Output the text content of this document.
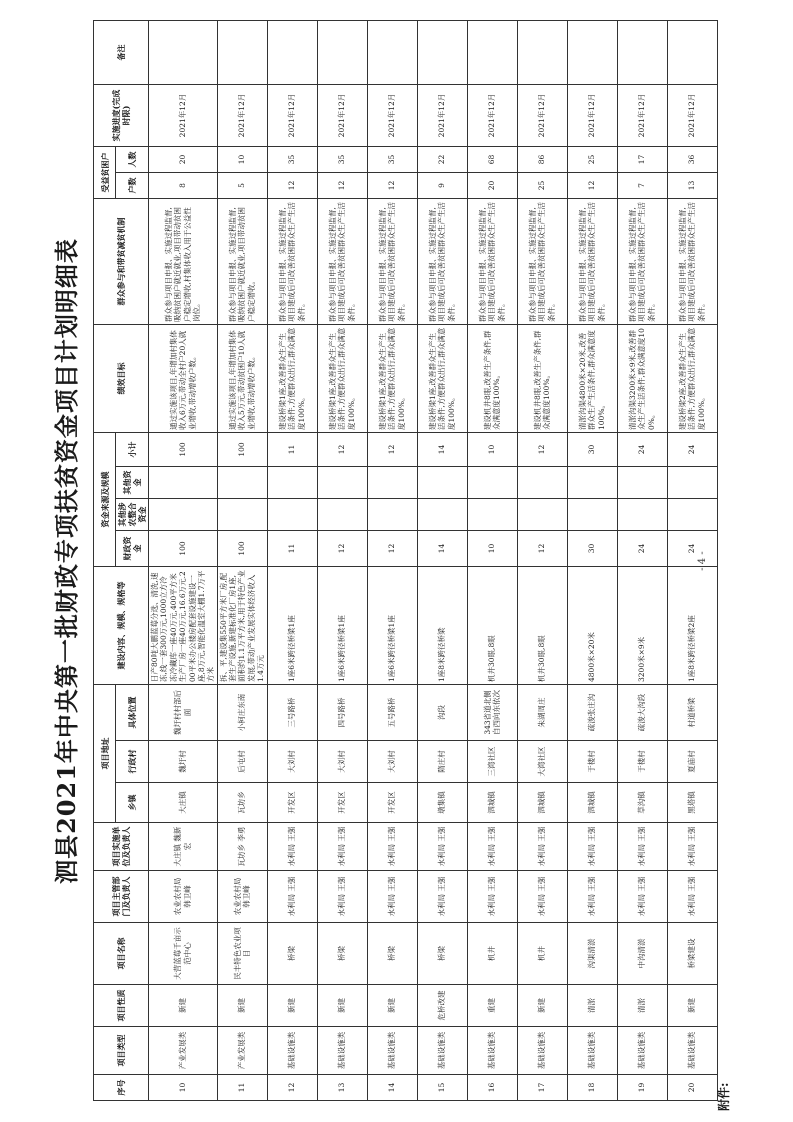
泗县2021年中央第一批财政专项扶贫资金项目计划明细表
序号	项目类型	项目性质	项目名称	项目主管部门及负责人	项目实施单位及负责人	项目地址			建设内容、规模、规格等	资金来源及规模				绩效目标	群众参与和带贫减贫机制	受益贫困户		实施进度(完成时限)	备注
						乡镇	行政村	具体位置		财政资金	其他涉农整合资金	其他资金	小计			户数	人数		
10	产业发展类	新建	大营蓝莓千亩示范中心	农业农村局 韩卫峰	大庄镇 魏新宏	大庄镇	魏圩村	魏圩村村部后面	日产80吨大鹏蓝莓分选、清洗,速冻,线一套300万元,1000立方冷冻冷藏库一座40万元,400平方米生产厂房一座40万元,16.6万元.200平米办公楼房配套设施建设一座,8万元,智能化温室大棚1.7万平方米	100			100	通过实施该项目,年增加村集体收入6万元,带动全村户20人就业增收,带动增收户数。	群众参与项目申报、实施过程监督,吸纳贫困户就近就业,项目带动贫困户稳定增收,村集体收入用于公益性岗位。	8	20	2021年12月	
11	产业发展类	新建	民丰特色农业项目	农业农村局 韩卫峰	瓦坊乡 李勇	瓦坊乡	后屯村	小柯庄东南	拆、平,建设集550平方米厂房,配套生产设施,新建标准化厂房1座,面积约1.1万平方米,用于特色产业发展,带动产业发展实体经济收入1.4万元	100			100	通过实施该项目,年增加村集体收入5万元,带动贫困户10人就业增收,带动增收户数。	群众参与项目申报、实施过程监督,吸纳贫困户就近就业,项目带动贫困户稳定增收。	5	10	2021年12月	
12	基础设施类	新建	桥梁	水利局 王强	水利局 王强	开发区	大刘村	三号路桥	1座6米跨径桥梁1座	11			11	建设桥梁1座,改善群众生产生活条件,方便群众出行,群众满意度100%。	群众参与项目申报、实施过程监督,项目建成后可改善贫困群众生产生活条件。	12	35	2021年12月	
13	基础设施类	新建	桥梁	水利局 王强	水利局 王强	开发区	大刘村	四号路桥	1座6米跨径桥梁1座	12			12	建设桥梁1座,改善群众生产生活条件,方便群众出行,群众满意度100%。	群众参与项目申报、实施过程监督,项目建成后可改善贫困群众生产生活条件。	12	35	2021年12月	
14	基础设施类	新建	桥梁	水利局 王强	水利局 王强	开发区	大刘村	五号路桥	1座6米跨径桥梁1座	12			12	建设桥梁1座,改善群众生产生活条件,方便群众出行,群众满意度100%。	群众参与项目申报、实施过程监督,项目建成后可改善贫困群众生产生活条件。	12	35	2021年12月	
15	基础设施类	危桥改建	桥梁	水利局 王强	水利局 王强	墩集镇	隋庄村	沟段	1座8米跨径桥梁	14			14	建设桥梁1座,改善群众生产生活条件,方便群众出行,群众满意度100%。	群众参与项目申报、实施过程监督,项目建成后可改善贫困群众生产生活条件。	9	22	2021年12月	
16	基础设施类	重建	机井	水利局 王强	水利局 王强	泗城镇	三湾社区	343省道北侧自西向东依次	机井30眼,8眼	10			10	建设机井8眼,改善生产条件,群众满意度100%。	群众参与项目申报、实施过程监督,项目建成后可改善贫困群众生产生活条件。	20	68	2021年12月	
17	基础设施类	新建	机井	水利局 王强	水利局 王强	泗城镇	大湾社区	朱湖周庄	机井30眼,8眼	12			12	建设机井8眼,改善生产条件,群众满意度100%。	群众参与项目申报、实施过程监督,项目建成后可改善贫困群众生产生活条件。	25	86	2021年12月	
18	基础设施类	清淤	沟渠清淤	水利局 王强	水利局 王强	泗城镇	于楼村	疏浚张庄沟	4800米×20米	30			30	清淤沟渠4800米×20米,改善群众生产生活条件,群众满意度100%。	群众参与项目申报、实施过程监督,项目建成后可改善贫困群众生产生活条件。	12	25	2021年12月	
19	基础设施类	清淤	中沟清淤	水利局 王强	水利局 王强	草沟镇	于楼村	疏浚大沟段	3200米×9米	24			24	清淤沟渠3200米×9米,改善群众生产生活条件,群众满意度100%。	群众参与项目申报、实施过程监督,项目建成后可改善贫困群众生产生活条件。	7	17	2021年12月	
20	基础设施类	新建	桥梁建设	水利局 王强	水利局 王强	黑塔镇	夏庙村	村道桥梁	1座8米跨径桥梁2座	24			24	建设桥梁2座,改善群众生产生活条件,方便群众出行,群众满意度100%。	群众参与项目申报、实施过程监督,项目建成后可改善贫困群众生产生活条件。	13	36	2021年12月	
- 4 -
附件:
